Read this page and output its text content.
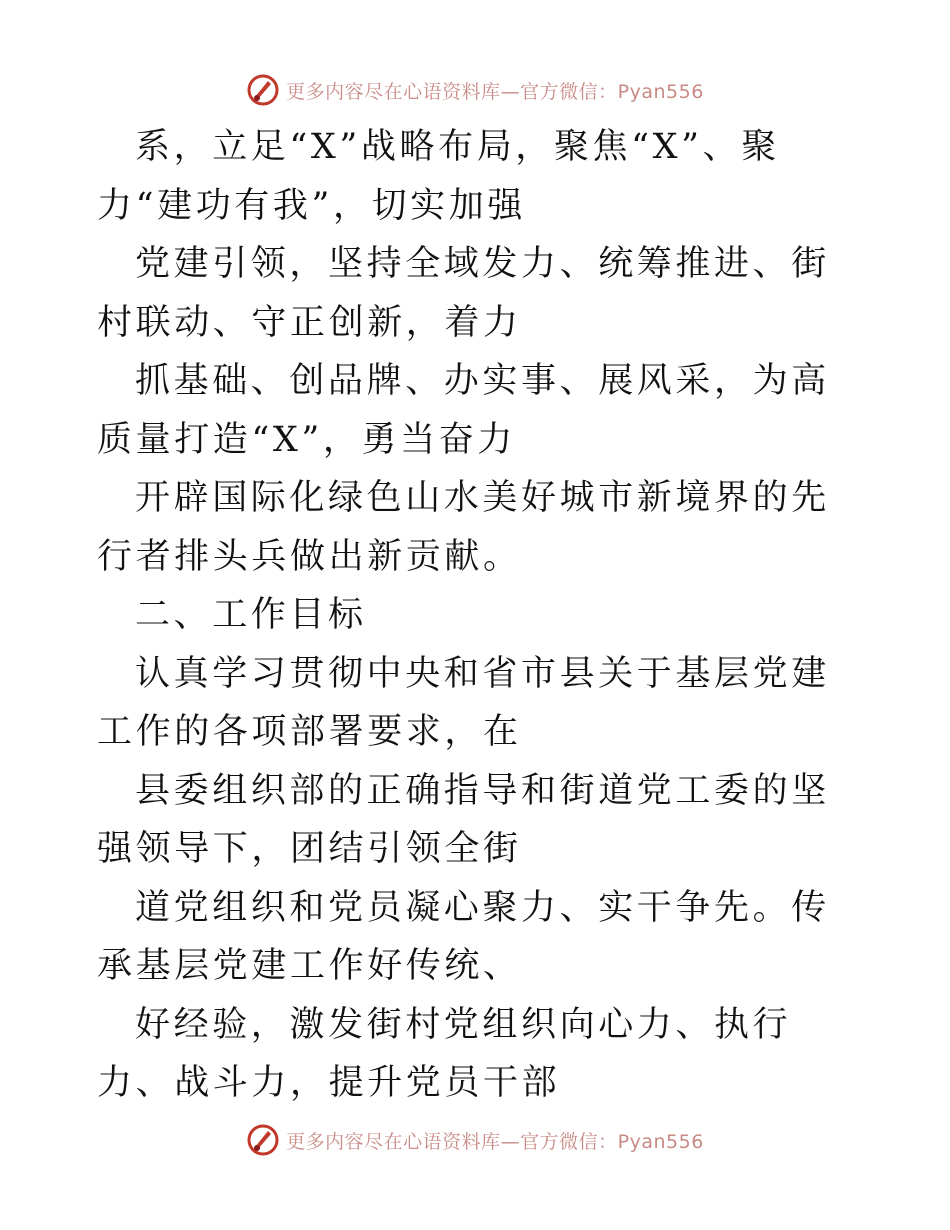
更多内容尽在心语资料库—官方微信：Pyan556

系，立足“X”战略布局，聚焦“X”、聚力“建功有我”，切实加强

党建引领，坚持全域发力、统筹推进、街村联动、守正创新，着力

抓基础、创品牌、办实事、展风采，为高质量打造“X”，勇当奋力

开辟国际化绿色山水美好城市新境界的先行者排头兵做出新贡献。

二、工作目标

认真学习贯彻中央和省市县关于基层党建工作的各项部署要求，在

县委组织部的正确指导和街道党工委的坚强领导下，团结引领全街

道党组织和党员凝心聚力、实干争先。传承基层党建工作好传统、

好经验，激发街村党组织向心力、执行力、战斗力，提升党员干部

更多内容尽在心语资料库—官方微信：Pyan556
